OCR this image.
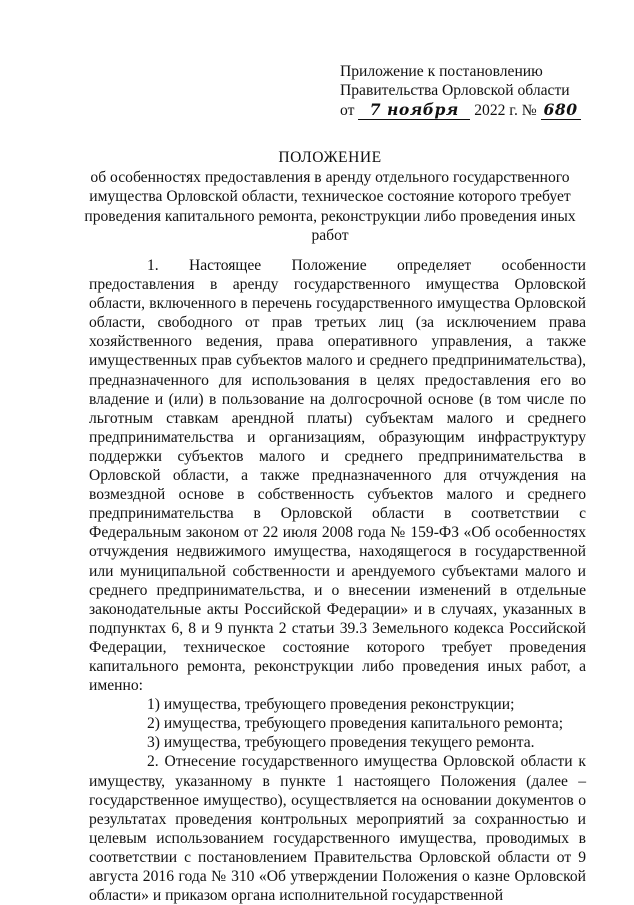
Приложение к постановлению
Правительства Орловской области
от 7 ноября 2022 г. № 680
ПОЛОЖЕНИЕ
об особенностях предоставления в аренду отдельного государственного имущества Орловской области, техническое состояние которого требует проведения капитального ремонта, реконструкции либо проведения иных работ

1. Настоящее Положение определяет особенности предоставления в аренду государственного имущества Орловской области, включенного в перечень государственного имущества Орловской области, свободного от прав третьих лиц (за исключением права хозяйственного ведения, права оперативного управления, а также имущественных прав субъектов малого и среднего предпринимательства), предназначенного для использования в целях предоставления его во владение и (или) в пользование на долгосрочной основе (в том числе по льготным ставкам арендной платы) субъектам малого и среднего предпринимательства и организациям, образующим инфраструктуру поддержки субъектов малого и среднего предпринимательства в Орловской области, а также предназначенного для отчуждения на возмездной основе в собственность субъектов малого и среднего предпринимательства в Орловской области в соответствии с Федеральным законом от 22 июля 2008 года № 159-ФЗ «Об особенностях отчуждения недвижимого имущества, находящегося в государственной или муниципальной собственности и арендуемого субъектами малого и среднего предпринимательства, и о внесении изменений в отдельные законодательные акты Российской Федерации» и в случаях, указанных в подпунктах 6, 8 и 9 пункта 2 статьи 39.3 Земельного кодекса Российской Федерации, техническое состояние которого требует проведения капитального ремонта, реконструкции либо проведения иных работ, а именно:

1) имущества, требующего проведения реконструкции;

2) имущества, требующего проведения капитального ремонта;

3) имущества, требующего проведения текущего ремонта.

2. Отнесение государственного имущества Орловской области к имуществу, указанному в пункте 1 настоящего Положения (далее – государственное имущество), осуществляется на основании документов о результатах проведения контрольных мероприятий за сохранностью и целевым использованием государственного имущества, проводимых в соответствии с постановлением Правительства Орловской области от 9 августа 2016 года № 310 «Об утверждении Положения о казне Орловской области» и приказом органа исполнительной государственной
